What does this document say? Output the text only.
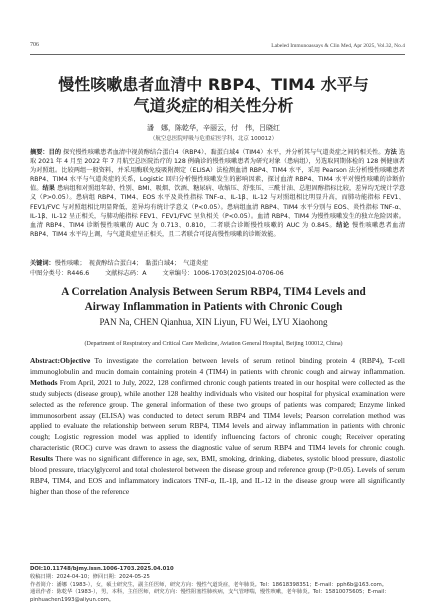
706	Labeled Immunoassays & Clin Med, Apr 2025, Vol.32, No.4
慢性咳嗽患者血清中 RBP4、TIM4 水平与
气道炎症的相关性分析
潘　娜，陈乾华，辛丽云，付　伟，吕晓红
（航空总医院呼吸与危重症医学科，北京 100012）
摘要：目的 探究慢性咳嗽患者血清中视黄醇结合蛋白4（RBP4）、黏蛋白域4（TIM4）水平，并分析其与气道炎症之间的相关性。方法 选取 2021 年 4 月至 2022 年 7 月航空总医院治疗的 128 例确诊的慢性咳嗽患者为研究对象（患病组），另选取同期体检的 128 例健康者为对照组。比较两组一般资料，并采用酶联免疫吸附测定（ELISA）法检测血清 RBP4、TIM4 水平，采用 Pearson 法分析慢性咳嗽患者 RBP4、TIM4 水平与气道炎症的关系，Logistic 回归分析慢性咳嗽发生的影响因素，探讨血清 RBP4、TIM4 水平对慢性咳嗽的诊断价值。结果 患病组和对照组年龄、性别、BMI、吸烟、饮酒、糖尿病、收缩压、舒张压、三酰甘油、总胆固醇指标比较，差异均无统计学意义（P>0.05）。患病组 RBP4、TIM4、EOS 水平及炎性指标 TNF-α、IL-1β、IL-12 与对照组相比明显升高，而肺功能指标 FEV1、FEV1/FVC 与对照组相比明显降低，差异均有统计学意义（P<0.05）。患病组血清 RBP4、TIM4 水平分别与 EOS、炎性指标 TNF-α、IL-1β、IL-12 呈正相关，与肺功能指标 FEV1、FEV1/FVC 呈负相关（P<0.05）。血清 RBP4、TIM4 为慢性咳嗽发生的独立危险因素。血清 RBP4、TIM4 诊断慢性咳嗽的 AUC 为 0.713、0.810，二者联合诊断慢性咳嗽的 AUC 为 0.845。结论 慢性咳嗽患者血清 RBP4、TIM4 水平均上调，与气道炎症呈正相关，且二者联合可提高慢性咳嗽的诊断效能。
关键词：慢性咳嗽；　视黄醇结合蛋白4；　黏蛋白域4；　气道炎症
中图分类号：R446.6	文献标志码：A	文章编号：1006-1703(2025)04-0706-06
A Correlation Analysis Between Serum RBP4, TIM4 Levels and
Airway Inflammation in Patients with Chronic Cough
PAN Na, CHEN Qianhua, XIN Liyun, FU Wei, LYU Xiaohong
(Department of Respiratory and Critical Care Medicine, Aviation General Hospital, Beijing 100012, China)
Abstract:Objective To investigate the correlation between levels of serum retinol binding protein 4 (RBP4), T-cell immunoglobulin and mucin domain containing protein 4 (TIM4) in patients with chronic cough and airway inflammation. Methods From April, 2021 to July, 2022, 128 confirmed chronic cough patients treated in our hospital were collected as the study subjects (disease group), while another 128 healthy individuals who visited our hospital for physical examination were selected as the reference group. The general information of these two groups of patients was compared; Enzyme linked immunosorbent assay (ELISA) was conducted to detect serum RBP4 and TIM4 levels; Pearson correlation method was applied to evaluate the relationship between serum RBP4, TIM4 levels and airway inflammation in patients with chronic cough; Logistic regression model was applied to identify influencing factors of chronic cough; Receiver operating characteristic (ROC) curve was drawn to assess the diagnostic value of serum RBP4 and TIM4 levels for chronic cough. Results There was no significant difference in age, sex, BMI, smoking, drinking, diabetes, systolic blood pressure, diastolic blood pressure, triacylglycerol and total cholesterol between the disease group and reference group (P>0.05). Levels of serum RBP4, TIM4, and EOS and inflammatory indicators TNF-α, IL-1β, and IL-12 in the disease group were all significantly higher than those of the reference
DOI:10.11748/bjmy.issn.1006-1703.2025.04.010
收稿日期：2024-04-10；修回日期：2024-05-25
作者简介：潘娜（1983-），女，硕士研究生，副主任医师，研究方向：慢性气道炎症，老年肺炎。Tel：18618398351；E-mail：pph6b@163.com。
通讯作者：陈乾华（1983-），男，本科，主任医师，研究方向：慢性阻塞性肺疾病，支气管哮喘，慢性咳嗽，老年肺炎。Tel：15810075605；E-mail：pinhuachen1993@aliyun.com。
